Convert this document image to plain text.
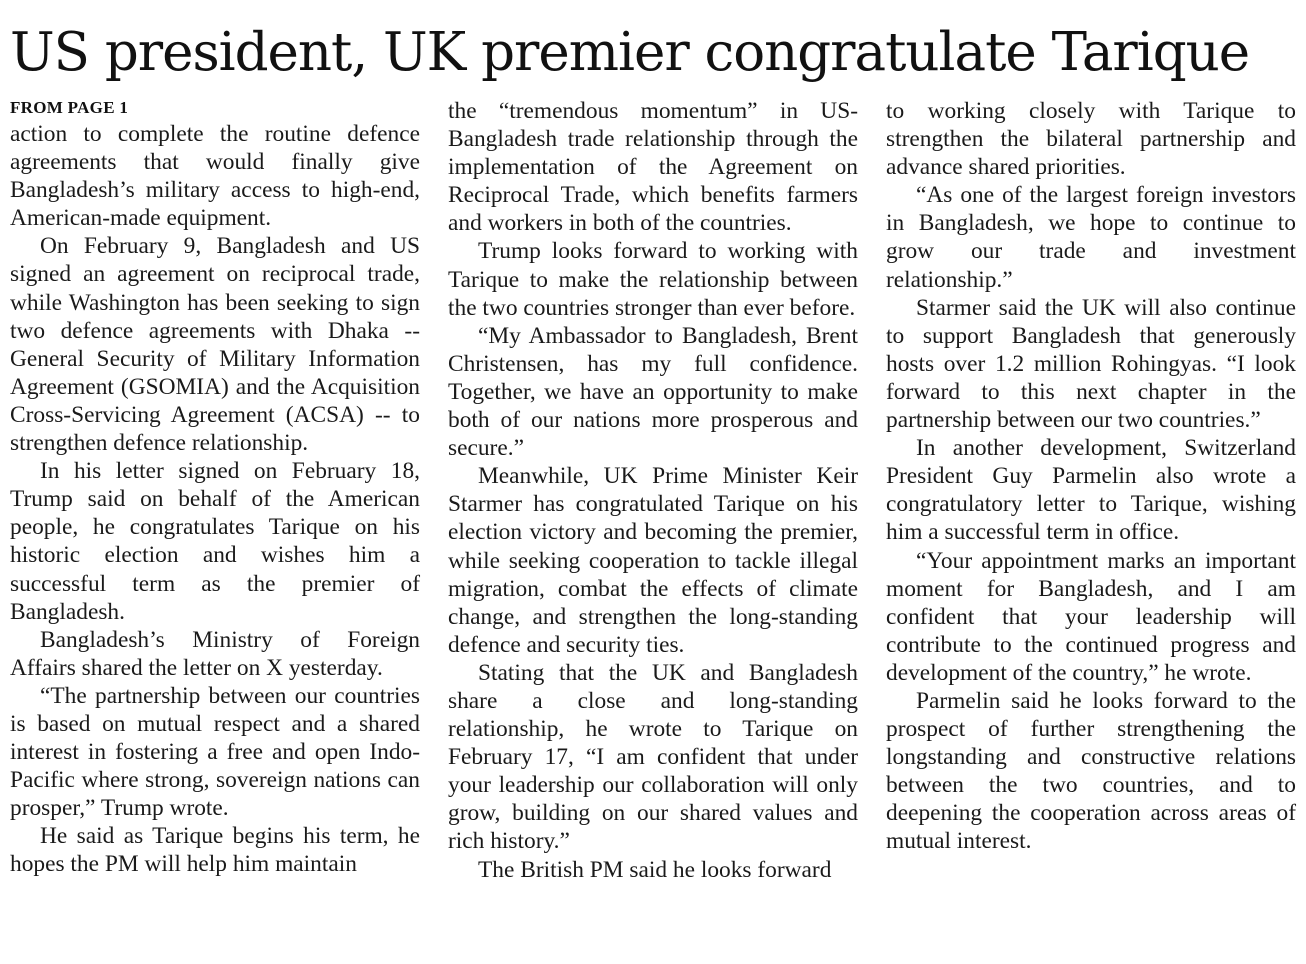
US president, UK premier congratulate Tarique
FROM PAGE 1

action to complete the routine defence agreements that would finally give Bangladesh’s military access to high-end, American-made equipment.

On February 9, Bangladesh and US signed an agreement on reciprocal trade, while Washington has been seeking to sign two defence agreements with Dhaka -- General Security of Military Information Agreement (GSOMIA) and the Acquisition Cross-Servicing Agreement (ACSA) -- to strengthen defence relationship.

In his letter signed on February 18, Trump said on behalf of the American people, he congratulates Tarique on his historic election and wishes him a successful term as the premier of Bangladesh.

Bangladesh’s Ministry of Foreign Affairs shared the letter on X yesterday.

“The partnership between our countries is based on mutual respect and a shared interest in fostering a free and open Indo-Pacific where strong, sovereign nations can prosper,” Trump wrote.

He said as Tarique begins his term, he hopes the PM will help him maintain

the “tremendous momentum” in US-Bangladesh trade relationship through the implementation of the Agreement on Reciprocal Trade, which benefits farmers and workers in both of the countries.

Trump looks forward to working with Tarique to make the relationship between the two countries stronger than ever before.

“My Ambassador to Bangladesh, Brent Christensen, has my full confidence. Together, we have an opportunity to make both of our nations more prosperous and secure.”

Meanwhile, UK Prime Minister Keir Starmer has congratulated Tarique on his election victory and becoming the premier, while seeking cooperation to tackle illegal migration, combat the effects of climate change, and strengthen the long-standing defence and security ties.

Stating that the UK and Bangladesh share a close and long-standing relationship, he wrote to Tarique on February 17, “I am confident that under your leadership our collaboration will only grow, building on our shared values and rich history.”

The British PM said he looks forward

to working closely with Tarique to strengthen the bilateral partnership and advance shared priorities.

“As one of the largest foreign investors in Bangladesh, we hope to continue to grow our trade and investment relationship.”

Starmer said the UK will also continue to support Bangladesh that generously hosts over 1.2 million Rohingyas. “I look forward to this next chapter in the partnership between our two countries.”

In another development, Switzerland President Guy Parmelin also wrote a congratulatory letter to Tarique, wishing him a successful term in office.

“Your appointment marks an important moment for Bangladesh, and I am confident that your leadership will contribute to the continued progress and development of the country,” he wrote.

Parmelin said he looks forward to the prospect of further strengthening the longstanding and constructive relations between the two countries, and to deepening the cooperation across areas of mutual interest.
